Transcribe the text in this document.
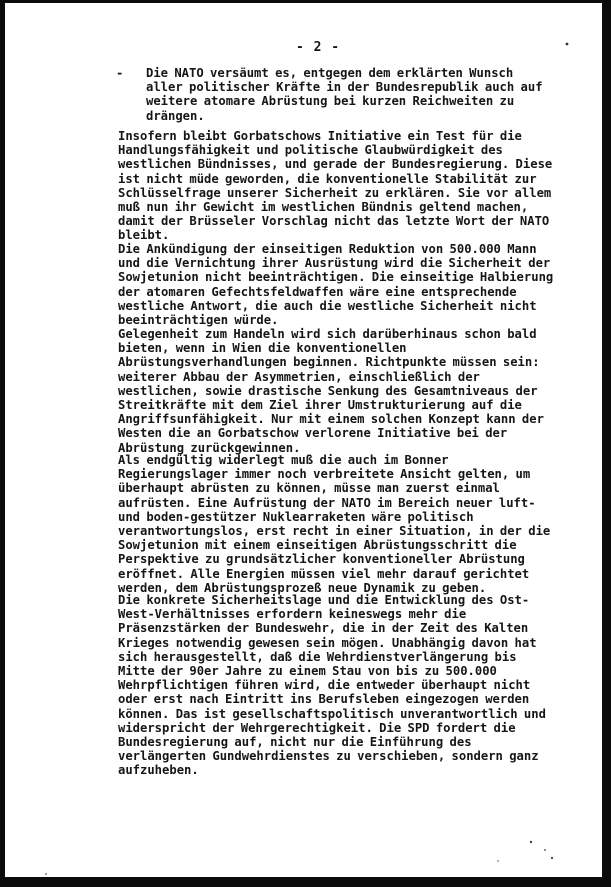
- 2 -
- Die NATO versäumt es, entgegen dem erklärten Wunsch aller politischer Kräfte in der Bundesrepublik auch auf weitere atomare Abrüstung bei kurzen Reichweiten zu drängen.

Insofern bleibt Gorbatschows Initiative ein Test für die Handlungsfähigkeit und politische Glaubwürdigkeit des westlichen Bündnisses, und gerade der Bundesregierung. Diese ist nicht müde geworden, die konventionelle Stabilität zur Schlüsselfrage unserer Sicherheit zu erklären. Sie vor allem muß nun ihr Gewicht im westlichen Bündnis geltend machen, damit der Brüsseler Vorschlag nicht das letzte Wort der NATO bleibt.

Die Ankündigung der einseitigen Reduktion von 500.000 Mann und die Vernichtung ihrer Ausrüstung wird die Sicherheit der Sowjetunion nicht beeinträchtigen. Die einseitige Halbierung der atomaren Gefechtsfeldwaffen wäre eine entsprechende westliche Antwort, die auch die westliche Sicherheit nicht beeinträchtigen würde.

Gelegenheit zum Handeln wird sich darüberhinaus schon bald bieten, wenn in Wien die konventionellen Abrüstungsverhandlungen beginnen. Richtpunkte müssen sein: weiterer Abbau der Asymmetrien, einschließlich der westlichen, sowie drastische Senkung des Gesamtniveaus der Streitkräfte mit dem Ziel ihrer Umstrukturierung auf die Angriffsunfähigkeit. Nur mit einem solchen Konzept kann der Westen die an Gorbatschow verlorene Initiative bei der Abrüstung zurückgewinnen.

Als endgültig widerlegt muß die auch im Bonner Regierungslager immer noch verbreitete Ansicht gelten, um überhaupt abrüsten zu können, müsse man zuerst einmal aufrüsten. Eine Aufrüstung der NATO im Bereich neuer luft- und boden-gestützer Nuklearraketen wäre politisch verantwortungslos, erst recht in einer Situation, in der die Sowjetunion mit einem einseitigen Abrüstungsschritt die Perspektive zu grundsätzlicher konventioneller Abrüstung eröffnet. Alle Energien müssen viel mehr darauf gerichtet werden, dem Abrüstungsprozeß neue Dynamik zu geben.

Die konkrete Sicherheitslage und die Entwicklung des Ost-West-Verhältnisses erfordern keineswegs mehr die Präsenzstärken der Bundeswehr, die in der Zeit des Kalten Krieges notwendig gewesen sein mögen. Unabhängig davon hat sich herausgestellt, daß die Wehrdienstverlängerung bis Mitte der 90er Jahre zu einem Stau von bis zu 500.000 Wehrpflichtigen führen wird, die entweder überhaupt nicht oder erst nach Eintritt ins Berufsleben eingezogen werden können. Das ist gesellschaftspolitisch unverantwortlich und widerspricht der Wehrgerechtigkeit. Die SPD fordert die Bundesregierung auf, nicht nur die Einführung des verlängerten Gundwehrdienstes zu verschieben, sondern ganz aufzuheben.
